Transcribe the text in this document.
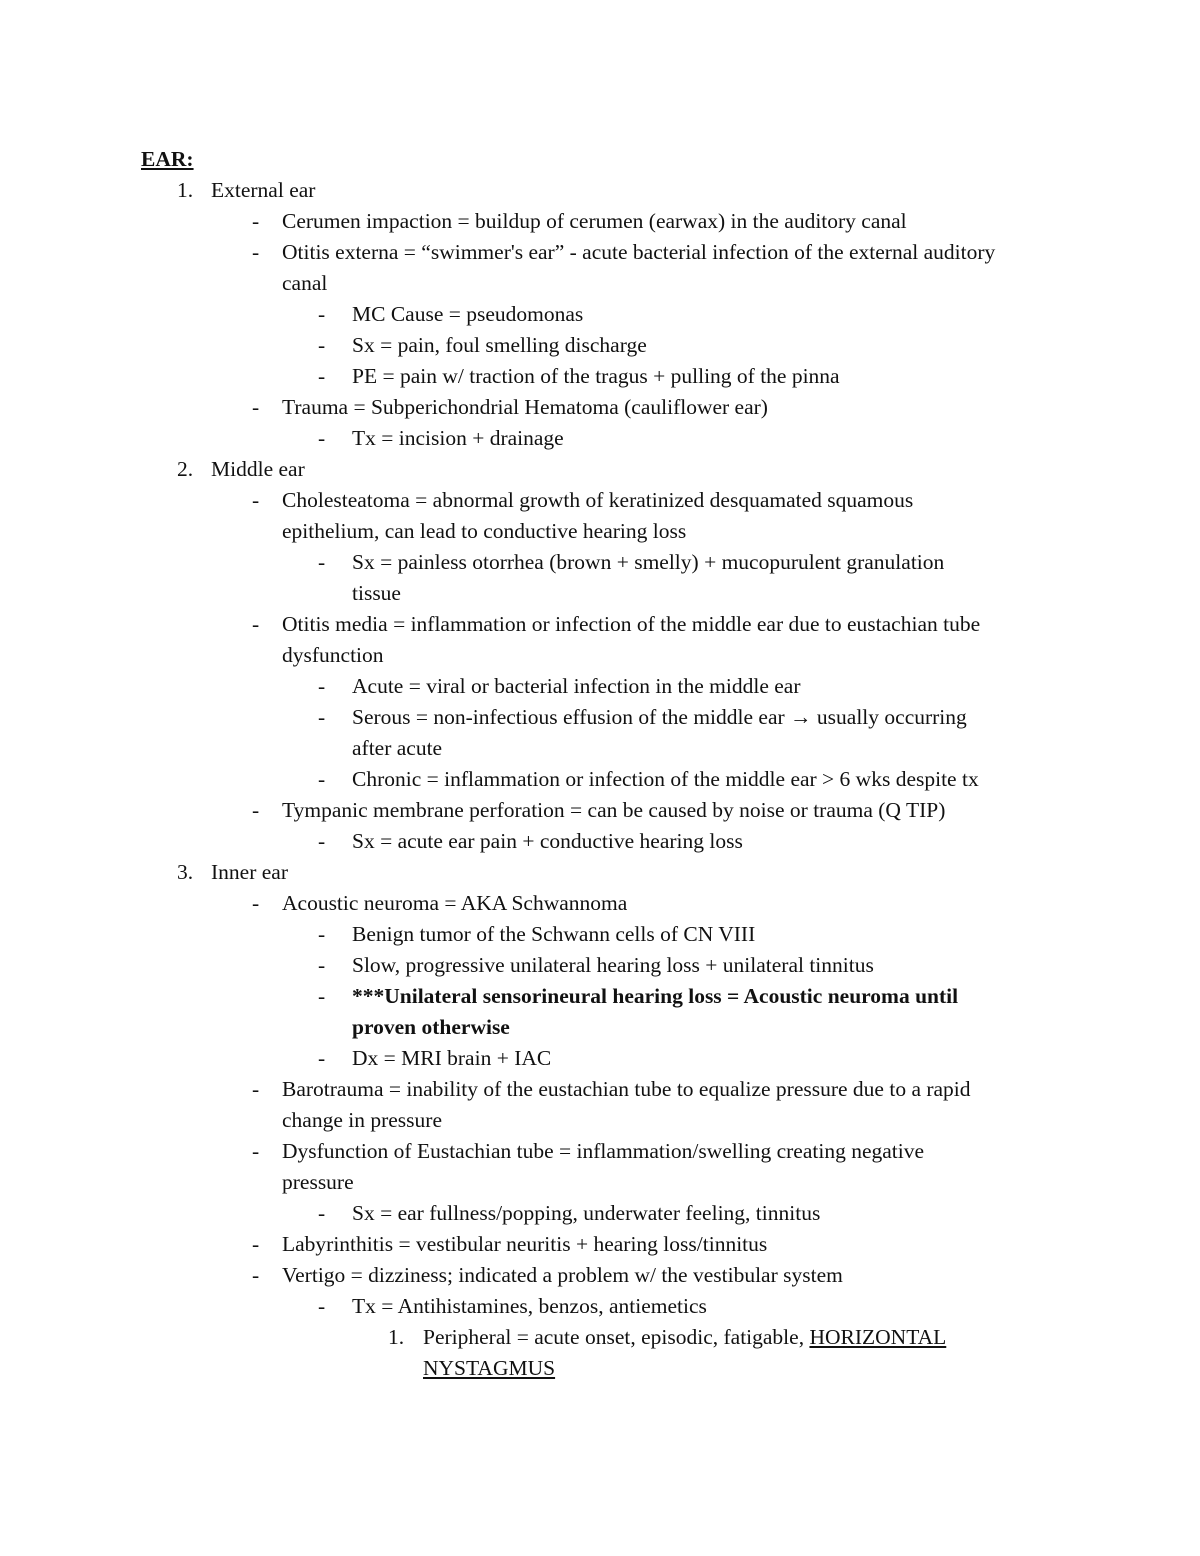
EAR:
1. External ear
- Cerumen impaction = buildup of cerumen (earwax) in the auditory canal
- Otitis externa = “swimmer's ear” - acute bacterial infection of the external auditory
canal
- MC Cause = pseudomonas
- Sx = pain, foul smelling discharge
- PE = pain w/ traction of the tragus + pulling of the pinna
- Trauma = Subperichondrial Hematoma (cauliflower ear)
- Tx = incision + drainage
2. Middle ear
- Cholesteatoma = abnormal growth of keratinized desquamated squamous
epithelium, can lead to conductive hearing loss
- Sx = painless otorrhea (brown + smelly) + mucopurulent granulation
tissue
- Otitis media = inflammation or infection of the middle ear due to eustachian tube
dysfunction
- Acute = viral or bacterial infection in the middle ear
- Serous = non-infectious effusion of the middle ear → usually occurring
after acute
- Chronic = inflammation or infection of the middle ear > 6 wks despite tx
- Tympanic membrane perforation = can be caused by noise or trauma (Q TIP)
- Sx = acute ear pain + conductive hearing loss
3. Inner ear
- Acoustic neuroma = AKA Schwannoma
- Benign tumor of the Schwann cells of CN VIII
- Slow, progressive unilateral hearing loss + unilateral tinnitus
- ***Unilateral sensorineural hearing loss = Acoustic neuroma until
proven otherwise
- Dx = MRI brain + IAC
- Barotrauma = inability of the eustachian tube to equalize pressure due to a rapid
change in pressure
- Dysfunction of Eustachian tube = inflammation/swelling creating negative
pressure
- Sx = ear fullness/popping, underwater feeling, tinnitus
- Labyrinthitis = vestibular neuritis + hearing loss/tinnitus
- Vertigo = dizziness; indicated a problem w/ the vestibular system
- Tx = Antihistamines, benzos, antiemetics
1. Peripheral = acute onset, episodic, fatigable, HORIZONTAL
NYSTAGMUS
